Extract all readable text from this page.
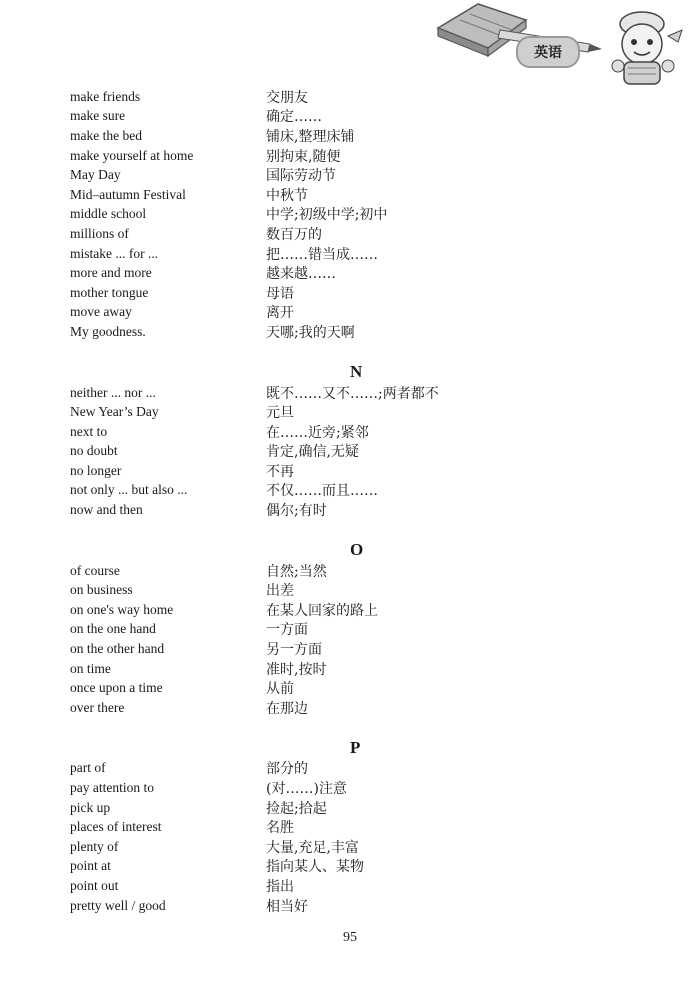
英语
make friends	交朋友
make sure	确定……
make the bed	铺床,整理床铺
make yourself at home	别拘束,随便
May Day	国际劳动节
Mid–autumn Festival	中秋节
middle school	中学;初级中学;初中
millions of	数百万的
mistake ... for ...	把……错当成……
more and more	越来越……
mother tongue	母语
move away	离开
My goodness.	天哪;我的天啊
N
neither ... nor ...	既不……又不……;两者都不
New Year’s Day	元旦
next to	在……近旁;紧邻
no doubt	肯定,确信,无疑
no longer	不再
not only ... but also ...	不仅……而且……
now and then	偶尔;有时
O
of course	自然;当然
on business	出差
on one's way home	在某人回家的路上
on the one hand	一方面
on the other hand	另一方面
on time	准时,按时
once upon a time	从前
over there	在那边
P
part of	部分的
pay attention to	(对……)注意
pick up	捡起;拾起
places of interest	名胜
plenty of	大量,充足,丰富
point at	指向某人、某物
point out	指出
pretty well / good	相当好
95
